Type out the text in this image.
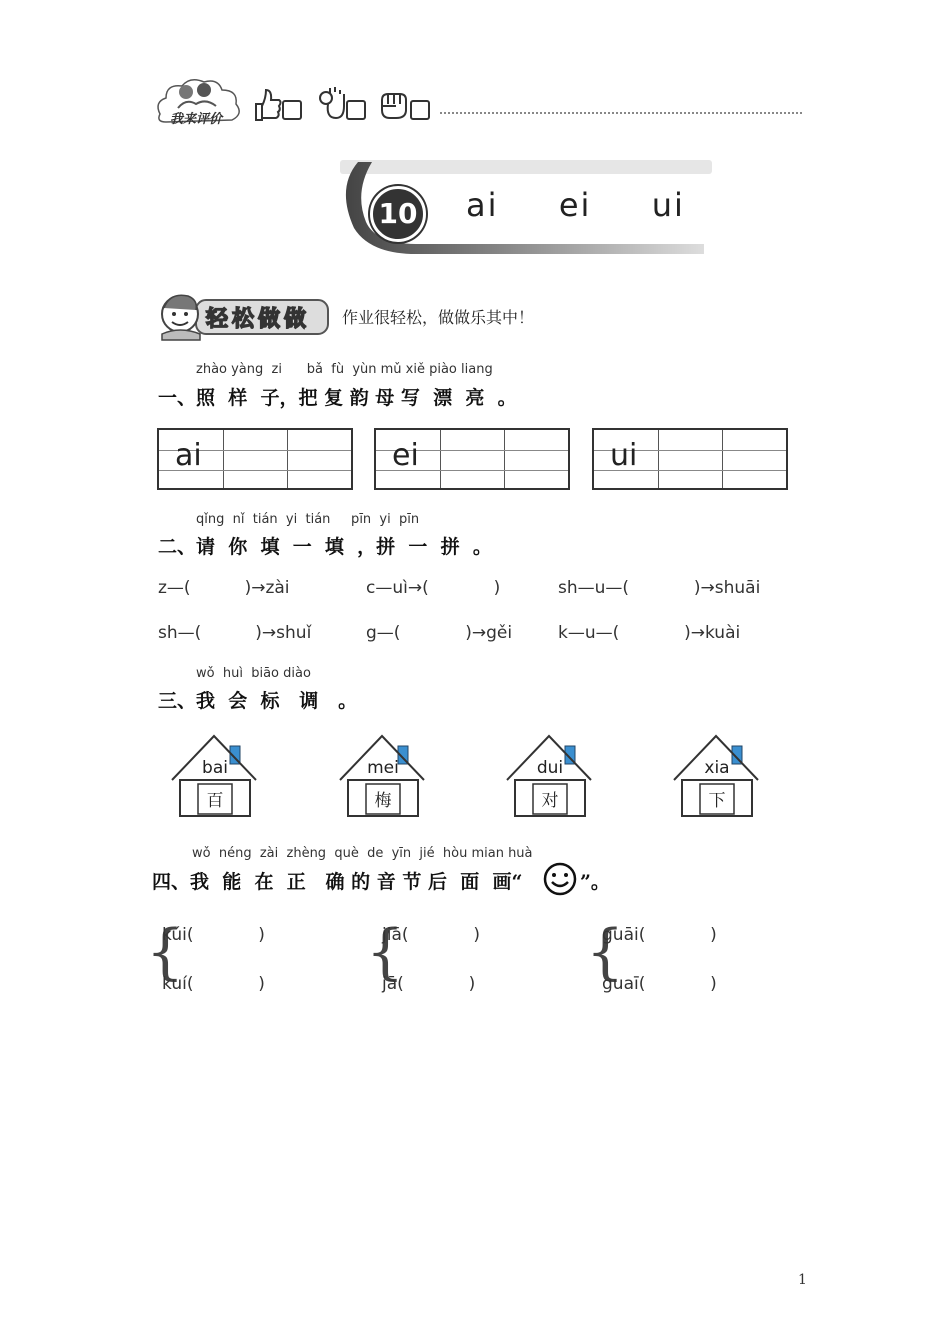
我来评价
10 ai  ei  ui
轻松做做 作业很轻松，做做乐其中！
zhào yàng  zi      bǎ  fù  yùn mǔ xiě piào liang
一、照  样  子，把 复 韵 母 写  漂  亮  。
ai	ei	ui
qǐng  nǐ  tián  yi  tián     pīn  yi  pīn
二、请  你  填  一  填  ，拼  一  拼  。
z—(          )→zài	c—uì→(            )	sh—u—(            )→shuāi
sh—(          )→shuǐ	g—(            )→gěi	k—u—(            )→kuài
wǒ  huì  biāo diào
三、我  会  标   调   。
bai
百
mei
梅
dui
对
xia
下
wǒ  néng  zài  zhèng  què  de  yīn  jié  hòu mian huà
四、我  能  在  正   确 的 音 节 后  面  画“	”。
{
kúi(            )
kuí(            ) {
jiā(            )
jā(            ) {
guāi(            )
guaī(            )
1
